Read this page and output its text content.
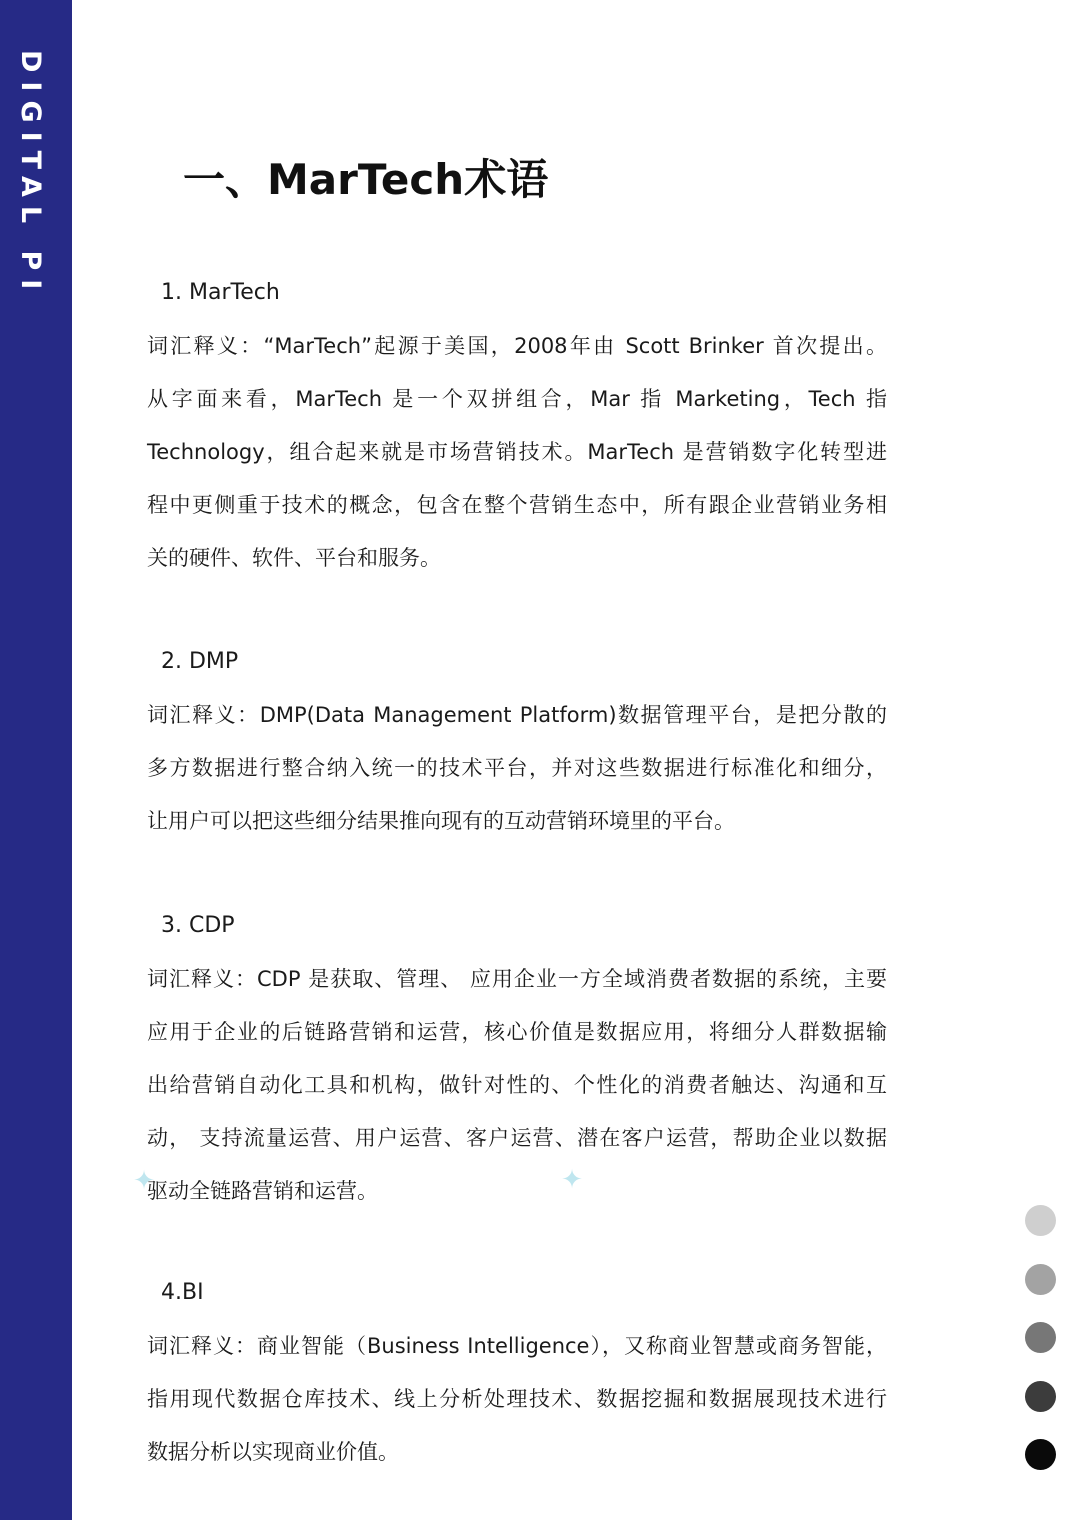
DIGITAL PI	一、MarTech术语
1. MarTech
词汇释义：“MarTech”起源于美国，2008年由 Scott Brinker 首次提出。
从字面来看，MarTech 是一个双拼组合，Mar 指 Marketing，Tech 指
Technology，组合起来就是市场营销技术。MarTech 是营销数字化转型进
程中更侧重于技术的概念，包含在整个营销生态中，所有跟企业营销业务相
关的硬件、软件、平台和服务。
2. DMP
词汇释义：DMP(Data Management Platform)数据管理平台，是把分散的
多方数据进行整合纳入统一的技术平台，并对这些数据进行标准化和细分，
让用户可以把这些细分结果推向现有的互动营销环境里的平台。
3. CDP
词汇释义：CDP 是获取、管理、 应用企业一方全域消费者数据的系统，主要
应用于企业的后链路营销和运营，核心价值是数据应用，将细分人群数据输
出给营销自动化工具和机构，做针对性的、个性化的消费者触达、沟通和互
动， 支持流量运营、用户运营、客户运营、潜在客户运营，帮助企业以数据
驱动全链路营销和运营。
4.BI
词汇释义：商业智能（Business Intelligence），又称商业智慧或商务智能，
指用现代数据仓库技术、线上分析处理技术、数据挖掘和数据展现技术进行
数据分析以实现商业价值。
✦	✦
